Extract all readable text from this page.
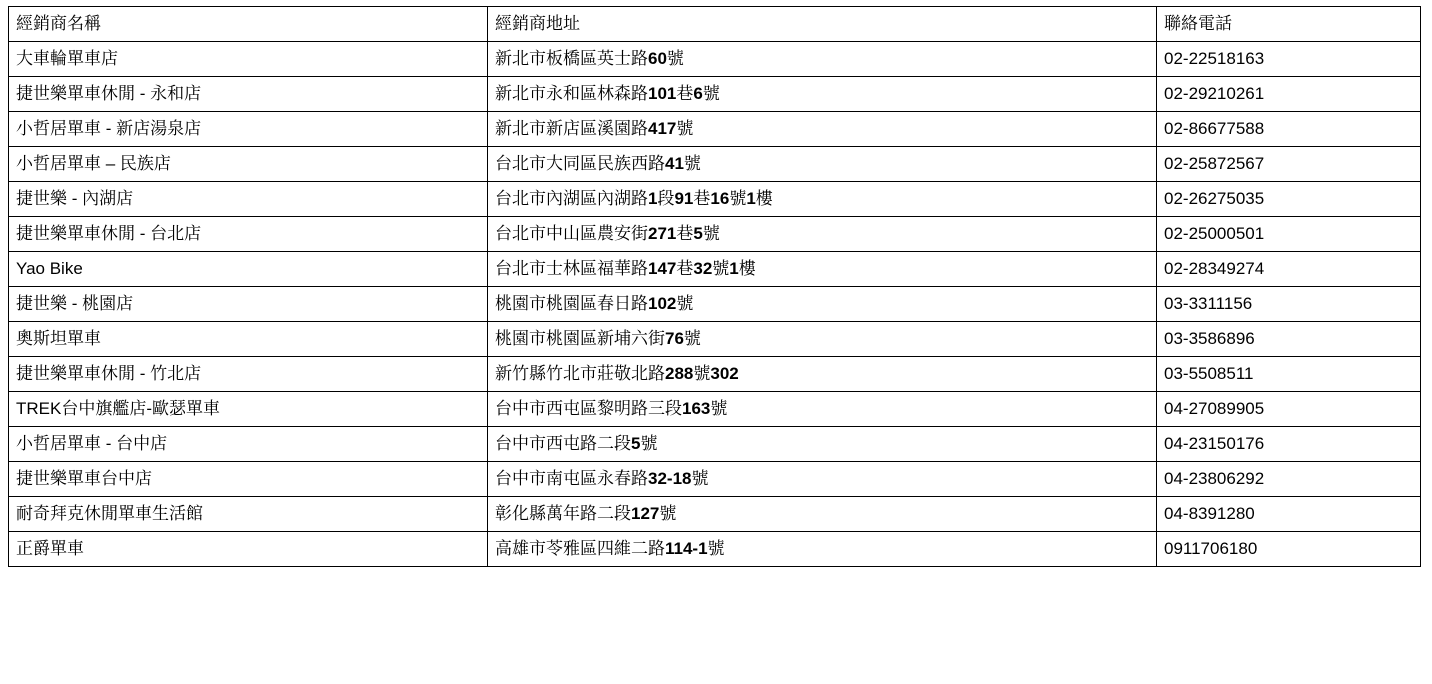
經銷商名稱	經銷商地址	聯絡電話
大車輪單車店	新北市板橋區英士路60號	02-22518163
捷世樂單車休閒 - 永和店	新北市永和區林森路101巷6號	02-29210261
小哲居單車 - 新店湯泉店	新北市新店區溪園路417號	02-86677588
小哲居單車 – 民族店	台北市大同區民族西路41號	02-25872567
捷世樂 - 內湖店	台北市內湖區內湖路1段91巷16號1樓	02-26275035
捷世樂單車休閒 - 台北店	台北市中山區農安街271巷5號	02-25000501
Yao Bike	台北市士林區福華路147巷32號1樓	02-28349274
捷世樂 - 桃園店	桃園市桃園區春日路102號	03-3311156
奧斯坦單車	桃園市桃園區新埔六街76號	03-3586896
捷世樂單車休閒 - 竹北店	新竹縣竹北市莊敬北路288號302	03-5508511
TREK台中旗艦店-歐瑟單車	台中市西屯區黎明路三段163號	04-27089905
小哲居單車 - 台中店	台中市西屯路二段5號	04-23150176
捷世樂單車台中店	台中市南屯區永春路32-18號	04-23806292
耐奇拜克休閒單車生活館	彰化縣萬年路二段127號	04-8391280
正爵單車	高雄市苓雅區四維二路114-1號	0911706180
